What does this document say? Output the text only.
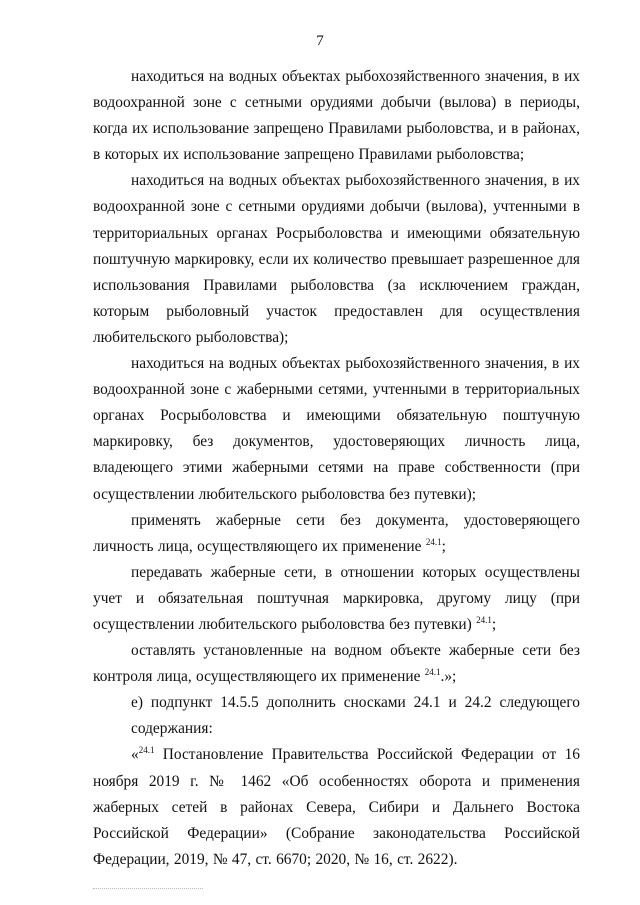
7

находиться на водных объектах рыбохозяйственного значения, в их водоохранной зоне с сетными орудиями добычи (вылова) в периоды, когда их использование запрещено Правилами рыболовства, и в районах, в которых их использование запрещено Правилами рыболовства;

находиться на водных объектах рыбохозяйственного значения, в их водоохранной зоне с сетными орудиями добычи (вылова), учтенными в территориальных органах Росрыболовства и имеющими обязательную поштучную маркировку, если их количество превышает разрешенное для использования Правилами рыболовства (за исключением граждан, которым рыболовный участок предоставлен для осуществления любительского рыболовства);

находиться на водных объектах рыбохозяйственного значения, в их водоохранной зоне с жаберными сетями, учтенными в территориальных органах Росрыболовства и имеющими обязательную поштучную маркировку, без документов, удостоверяющих личность лица, владеющего этими жаберными сетями на праве собственности (при осуществлении любительского рыболовства без путевки);

применять жаберные сети без документа, удостоверяющего личность лица, осуществляющего их применение $^{24.1}$;

передавать жаберные сети, в отношении которых осуществлены учет и обязательная поштучная маркировка, другому лицу (при осуществлении любительского рыболовства без путевки) $^{24.1}$;

оставлять установленные на водном объекте жаберные сети без контроля лица, осуществляющего их применение $^{24.1}$.»;

е) подпункт 14.5.5 дополнить сносками 24.1 и 24.2 следующего содержания:

«$^{24.1}$ Постановление Правительства Российской Федерации от 16 ноября 2019 г. № 1462 «Об особенностях оборота и применения жаберных сетей в районах Севера, Сибири и Дальнего Востока Российской Федерации» (Собрание законодательства Российской Федерации, 2019, № 47, ст. 6670; 2020, № 16, ст. 2622).
